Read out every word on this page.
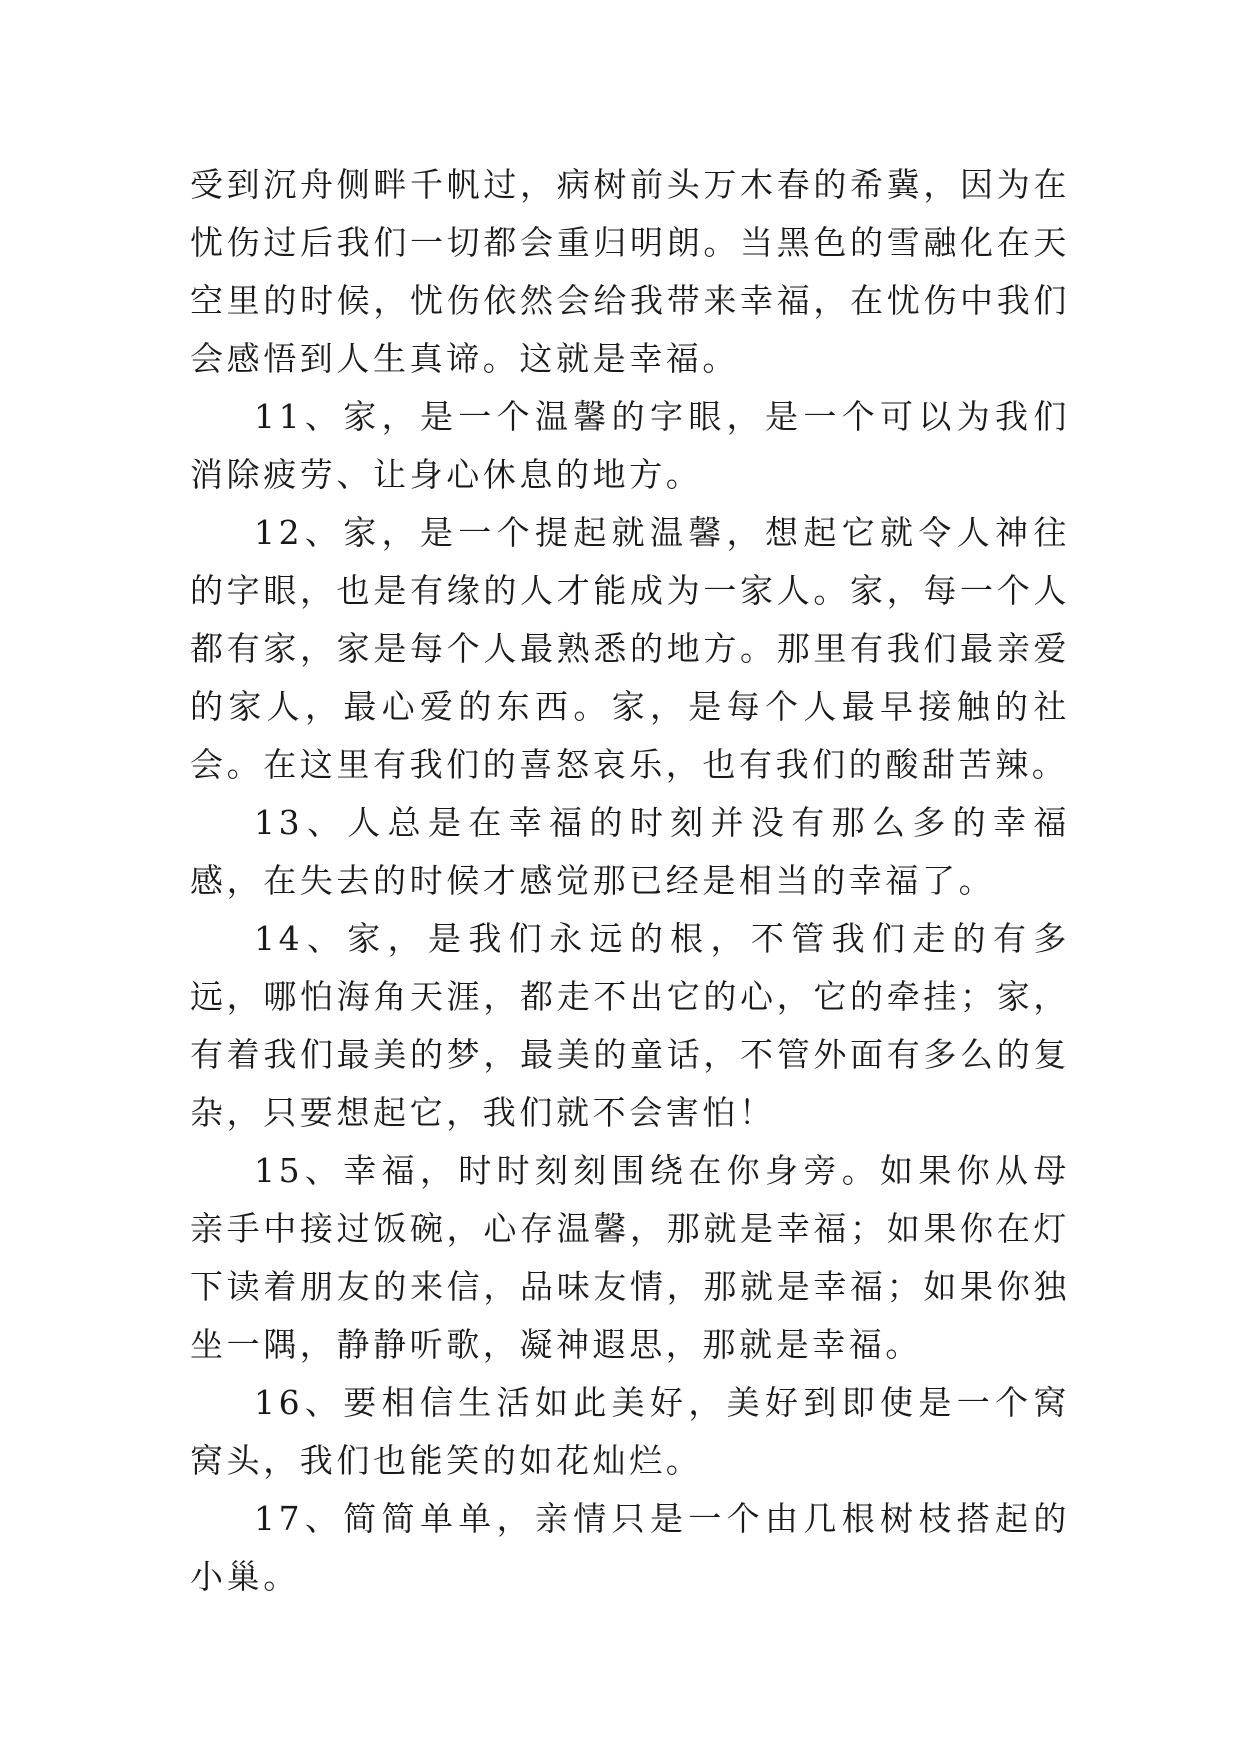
受到沉舟侧畔千帆过，病树前头万木春的希冀，因为在忧伤过后我们一切都会重归明朗。当黑色的雪融化在天空里的时候，忧伤依然会给我带来幸福，在忧伤中我们会感悟到人生真谛。这就是幸福。

11、家，是一个温馨的字眼，是一个可以为我们消除疲劳、让身心休息的地方。

12、家，是一个提起就温馨，想起它就令人神往的字眼，也是有缘的人才能成为一家人。家，每一个人都有家，家是每个人最熟悉的地方。那里有我们最亲爱的家人，最心爱的东西。家，是每个人最早接触的社会。在这里有我们的喜怒哀乐，也有我们的酸甜苦辣。

13、人总是在幸福的时刻并没有那么多的幸福感，在失去的时候才感觉那已经是相当的幸福了。

14、家，是我们永远的根，不管我们走的有多远，哪怕海角天涯，都走不出它的心，它的牵挂；家，有着我们最美的梦，最美的童话，不管外面有多么的复杂，只要想起它，我们就不会害怕！

15、幸福，时时刻刻围绕在你身旁。如果你从母亲手中接过饭碗，心存温馨，那就是幸福；如果你在灯下读着朋友的来信，品味友情，那就是幸福；如果你独坐一隅，静静听歌，凝神遐思，那就是幸福。

16、要相信生活如此美好，美好到即使是一个窝窝头，我们也能笑的如花灿烂。

17、简简单单，亲情只是一个由几根树枝搭起的小巢。
